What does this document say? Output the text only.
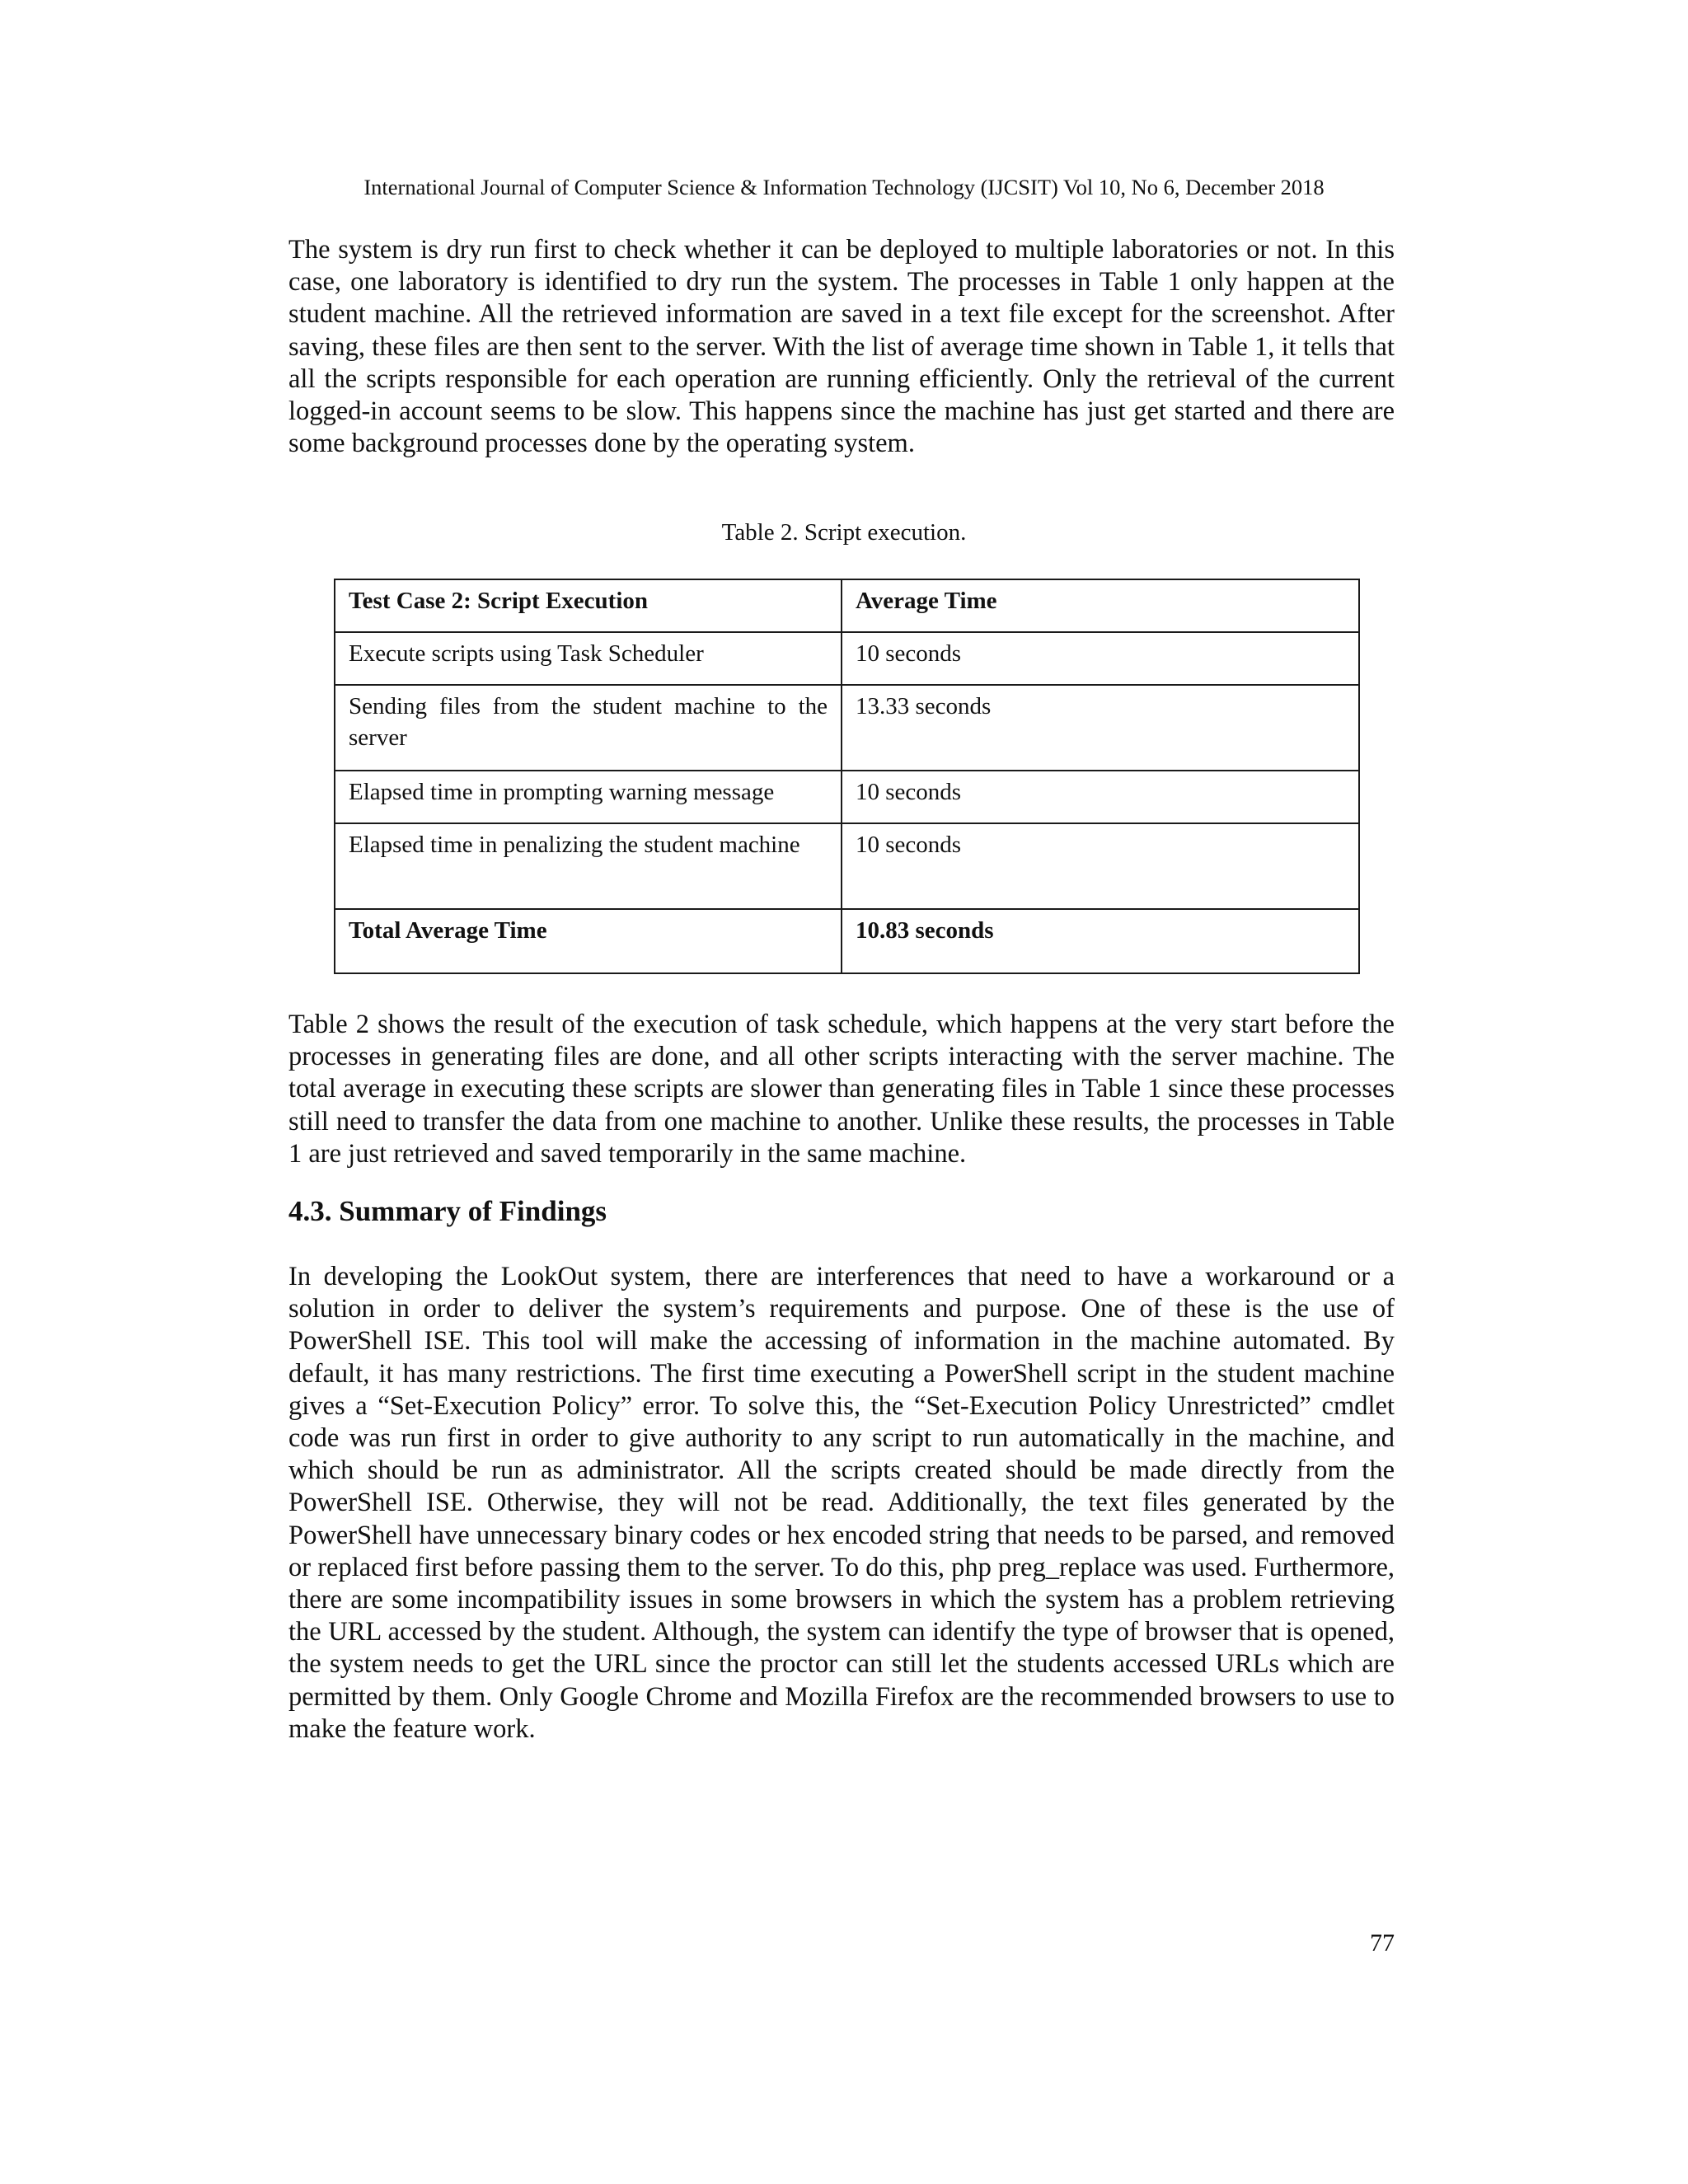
International Journal of Computer Science & Information Technology (IJCSIT) Vol 10, No 6, December 2018

The system is dry run first to check whether it can be deployed to multiple laboratories or not. In this case, one laboratory is identified to dry run the system. The processes in Table 1 only happen at the student machine. All the retrieved information are saved in a text file except for the screenshot. After saving, these files are then sent to the server. With the list of average time shown in Table 1, it tells that all the scripts responsible for each operation are running efficiently. Only the retrieval of the current logged-in account seems to be slow. This happens since the machine has just get started and there are some background processes done by the operating system.

Table 2. Script execution.

Test Case 2: Script Execution	Average Time
Execute scripts using Task Scheduler	10 seconds
Sending files from the student machine to the server	13.33 seconds
Elapsed time in prompting warning message	10 seconds
Elapsed time in penalizing the student machine	10 seconds
Total Average Time	10.83 seconds

Table 2 shows the result of the execution of task schedule, which happens at the very start before the processes in generating files are done, and all other scripts interacting with the server machine. The total average in executing these scripts are slower than generating files in Table 1 since these processes still need to transfer the data from one machine to another. Unlike these results, the processes in Table 1 are just retrieved and saved temporarily in the same machine.

4.3. Summary of Findings

In developing the LookOut system, there are interferences that need to have a workaround or a solution in order to deliver the system’s requirements and purpose. One of these is the use of PowerShell ISE. This tool will make the accessing of information in the machine automated. By default, it has many restrictions. The first time executing a PowerShell script in the student machine gives a “Set-Execution Policy” error. To solve this, the “Set-Execution Policy Unrestricted” cmdlet code was run first in order to give authority to any script to run automatically in the machine, and which should be run as administrator. All the scripts created should be made directly from the PowerShell ISE. Otherwise, they will not be read. Additionally, the text files generated by the PowerShell have unnecessary binary codes or hex encoded string that needs to be parsed, and removed or replaced first before passing them to the server. To do this, php preg_replace was used. Furthermore, there are some incompatibility issues in some browsers in which the system has a problem retrieving the URL accessed by the student. Although, the system can identify the type of browser that is opened, the system needs to get the URL since the proctor can still let the students accessed URLs which are permitted by them. Only Google Chrome and Mozilla Firefox are the recommended browsers to use to make the feature work.

77
